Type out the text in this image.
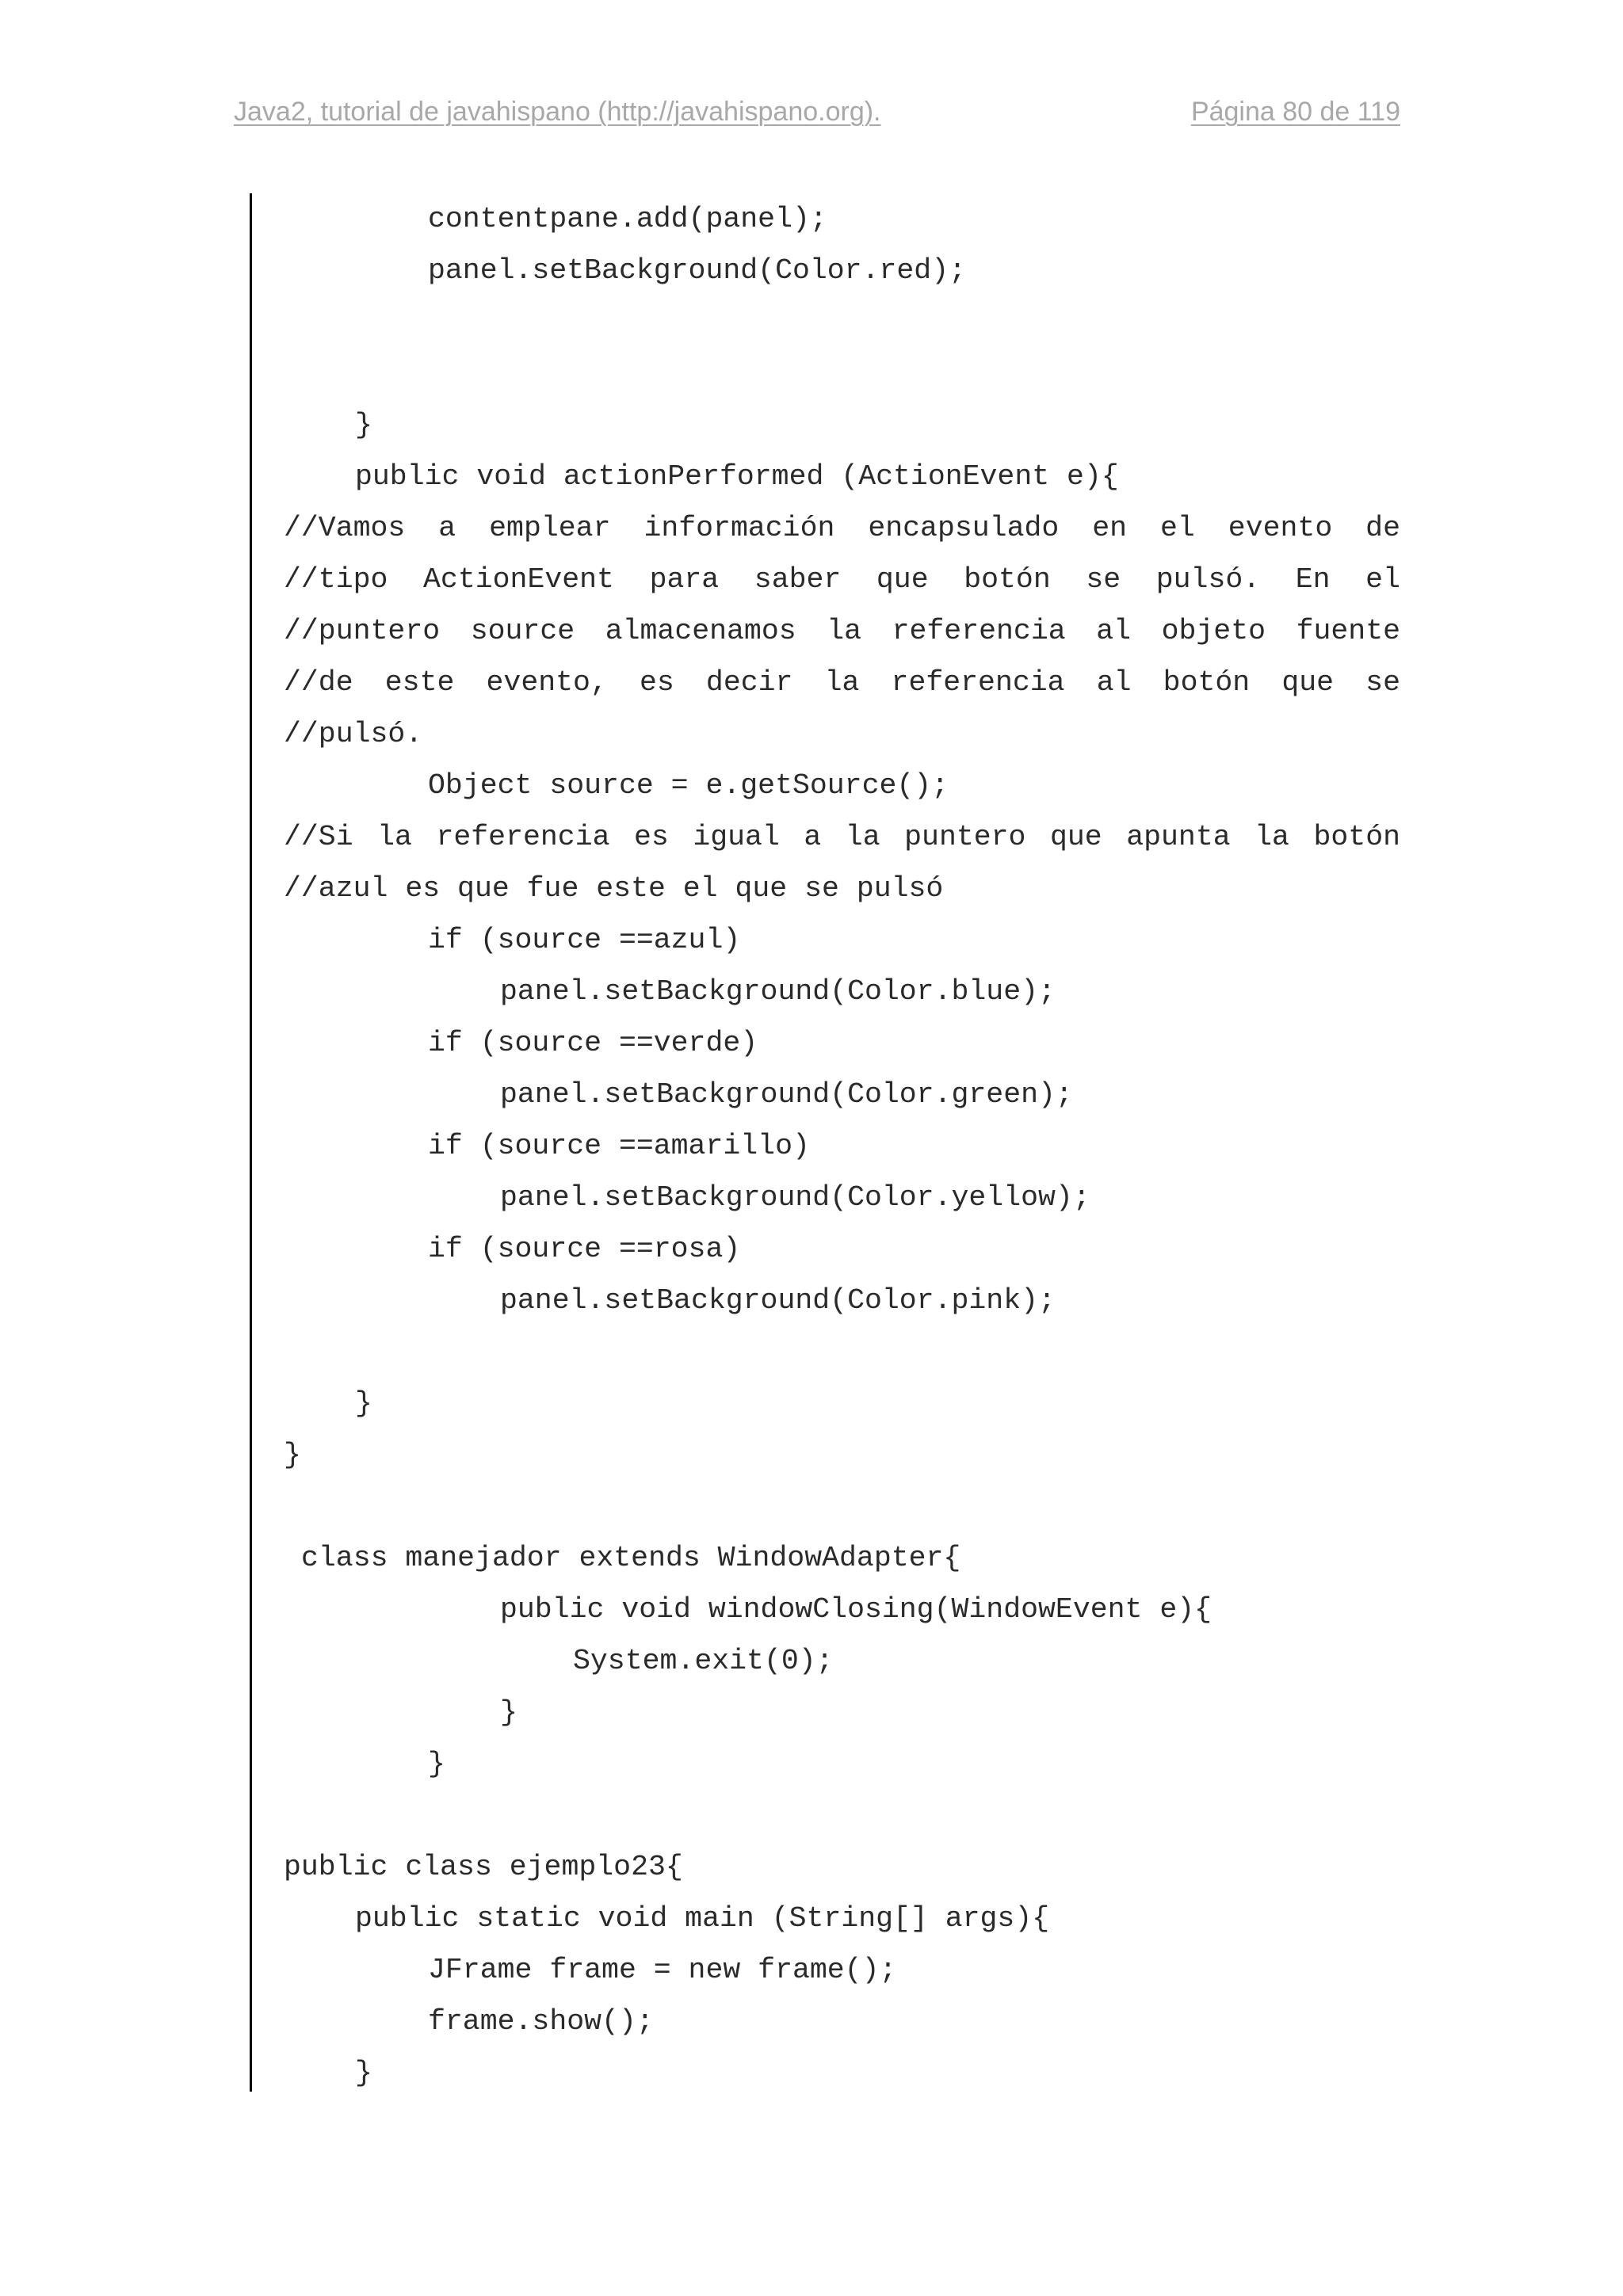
Java2, tutorial de javahispano (http://javahispano.org).	Página 80 de 119
contentpane.add(panel);
panel.setBackground(Color.red);
}
public void actionPerformed (ActionEvent e){
//Vamos a emplear información encapsulado en el evento de
//tipo ActionEvent para saber que botón se pulsó. En el
//puntero source almacenamos la referencia al objeto fuente
//de este evento, es decir la referencia al botón que se
//pulsó.
Object source = e.getSource();
//Si la referencia es igual a la puntero que apunta la botón
//azul es que fue este el que se pulsó
if (source ==azul)
panel.setBackground(Color.blue);
if (source ==verde)
panel.setBackground(Color.green);
if (source ==amarillo)
panel.setBackground(Color.yellow);
if (source ==rosa)
panel.setBackground(Color.pink);
}
}
class manejador extends WindowAdapter{
public void windowClosing(WindowEvent e){
System.exit(0);
}
}
public class ejemplo23{
public static void main (String[] args){
JFrame frame = new frame();
frame.show();
}
